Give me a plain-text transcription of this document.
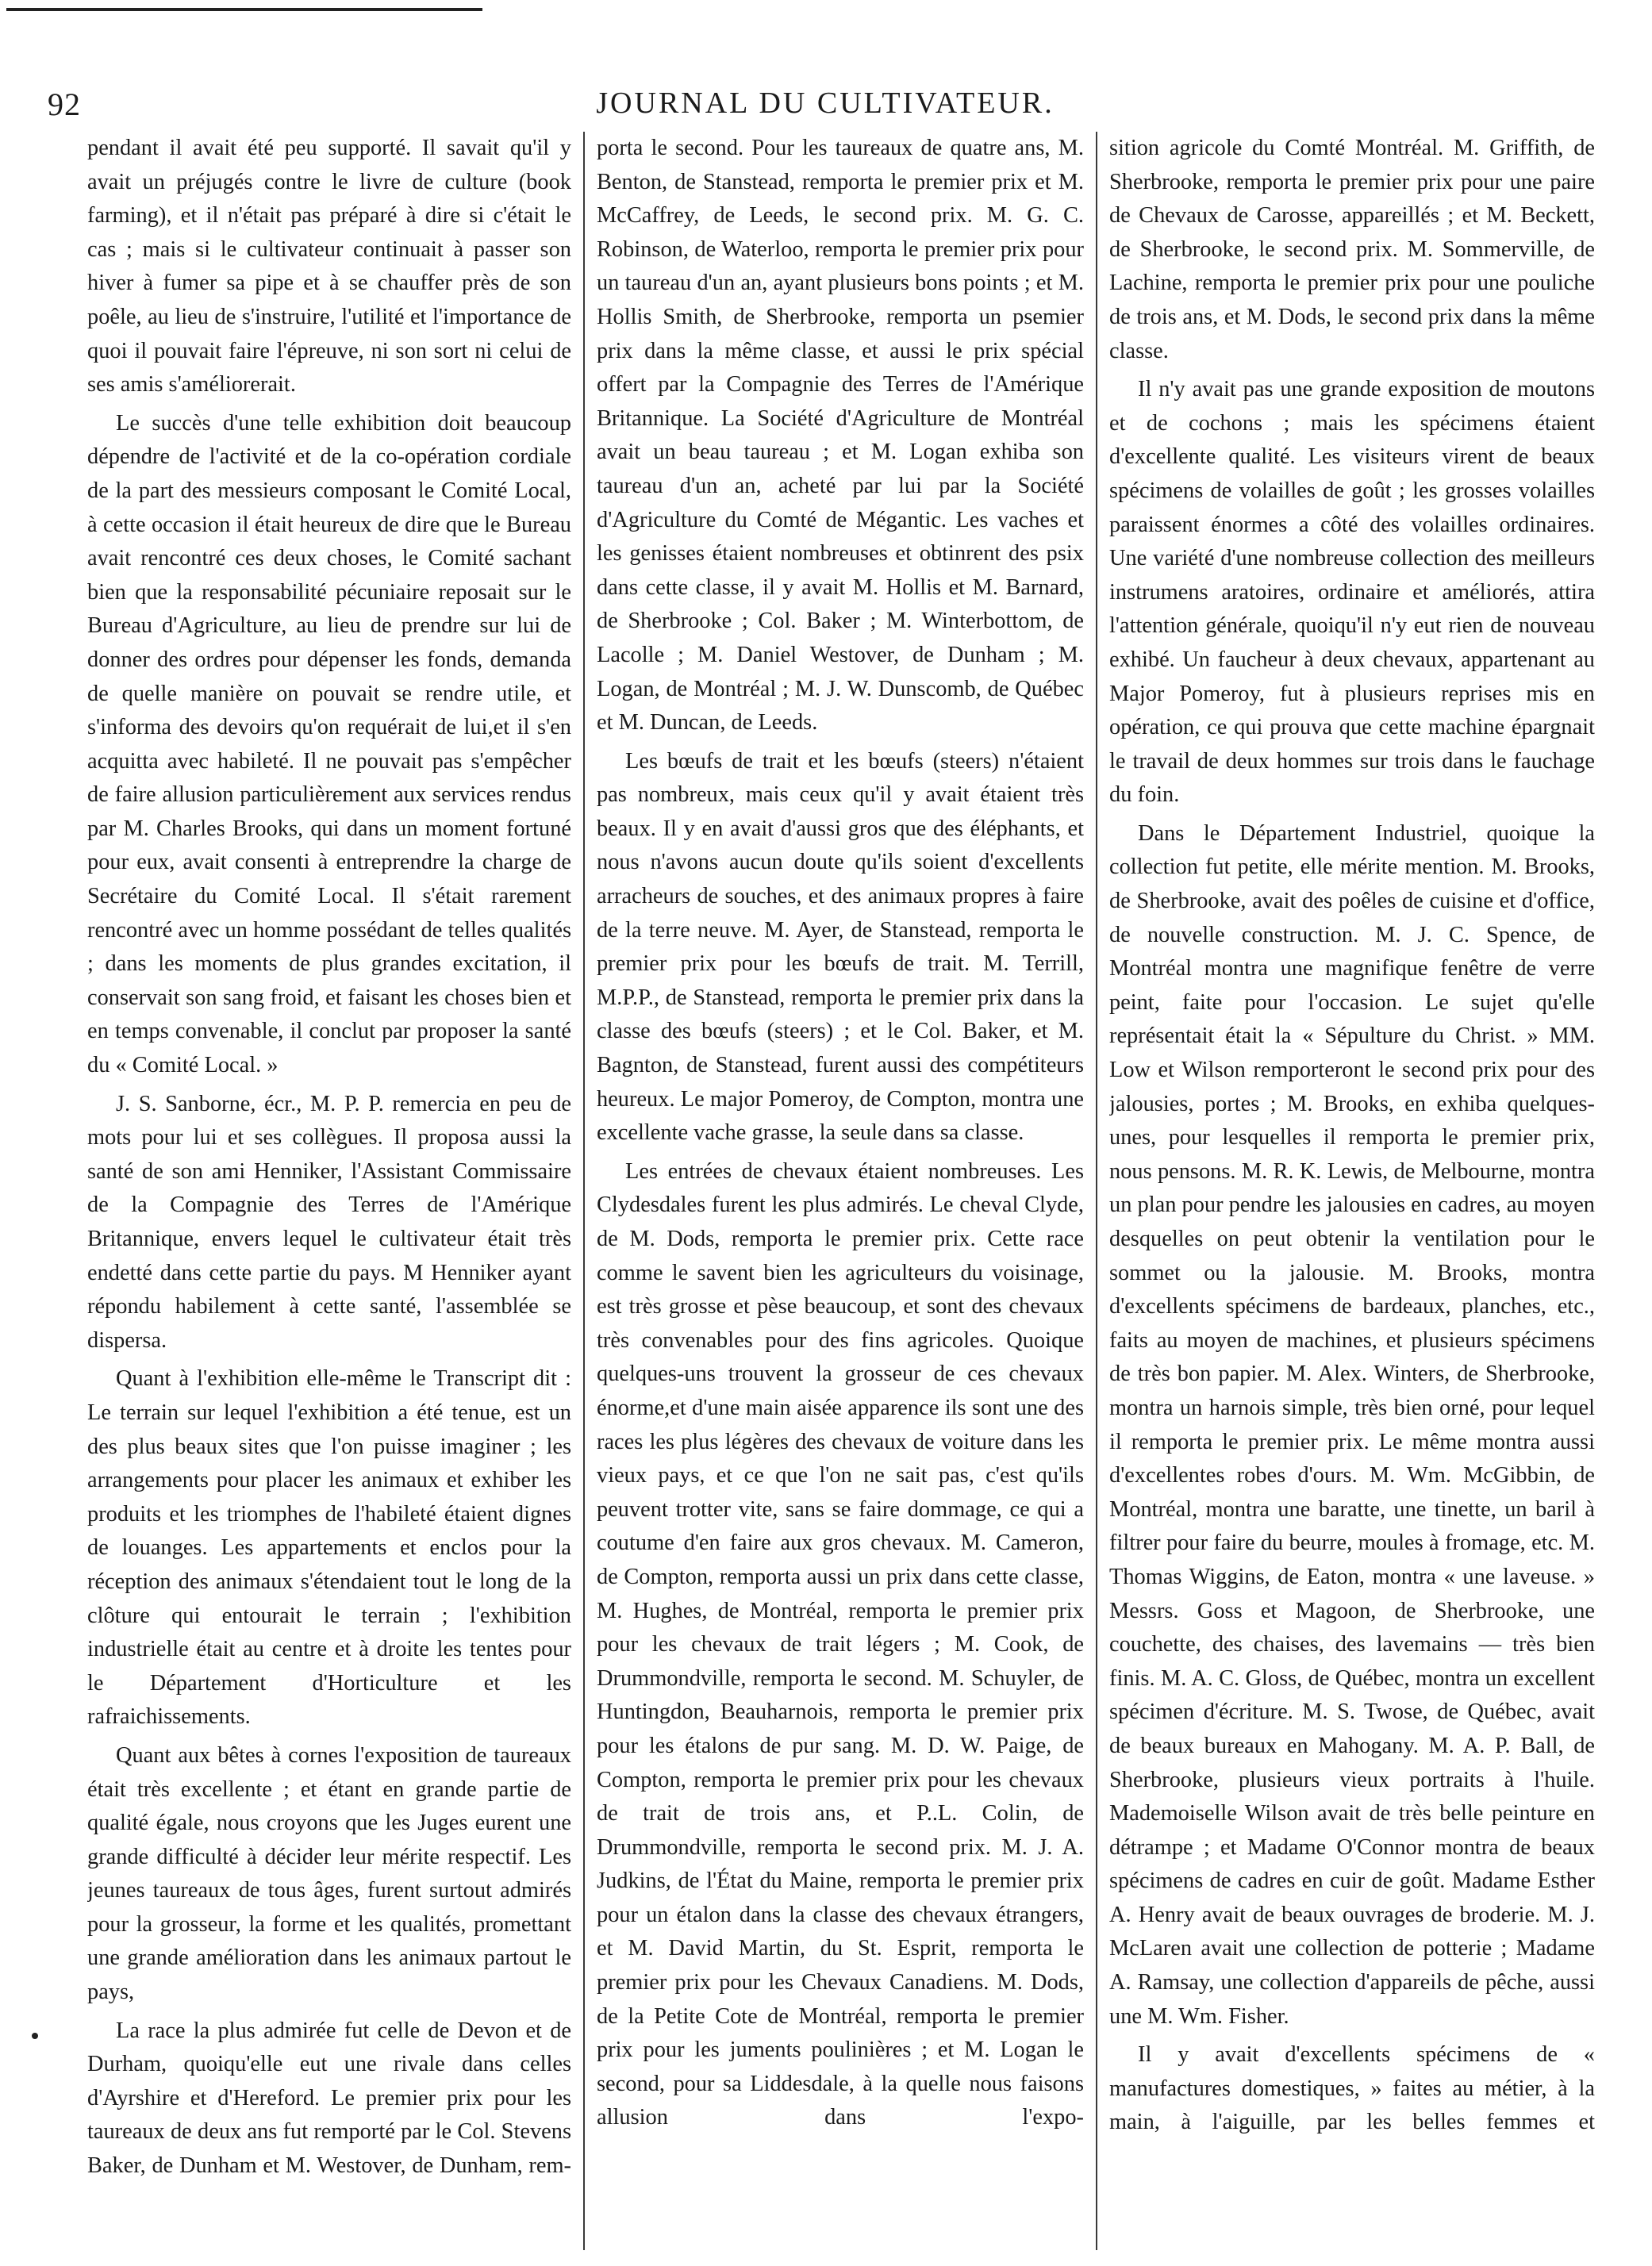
92	JOURNAL DU CULTIVATEUR.

pendant il avait été peu supporté. Il savait qu'il y avait un préjugés contre le livre de culture (book farming), et il n'était pas préparé à dire si c'était le cas ; mais si le cultivateur continuait à passer son hiver à fumer sa pipe et à se chauffer près de son poêle, au lieu de s'instruire, l'utilité et l'importance de quoi il pouvait faire l'épreuve, ni son sort ni celui de ses amis s'améliorerait.

Le succès d'une telle exhibition doit beaucoup dépendre de l'activité et de la co-opération cordiale de la part des messieurs composant le Comité Local, à cette occasion il était heureux de dire que le Bureau avait rencontré ces deux choses, le Comité sachant bien que la responsabilité pécuniaire reposait sur le Bureau d'Agriculture, au lieu de prendre sur lui de donner des ordres pour dépenser les fonds, demanda de quelle manière on pouvait se rendre utile, et s'informa des devoirs qu'on requérait de lui,et il s'en acquitta avec habileté. Il ne pouvait pas s'empêcher de faire allusion particulièrement aux services rendus par M. Charles Brooks, qui dans un moment fortuné pour eux, avait consenti à entreprendre la charge de Secrétaire du Comité Local. Il s'était rarement rencontré avec un homme possédant de telles qualités ; dans les moments de plus grandes excitation, il conservait son sang froid, et faisant les choses bien et en temps convenable, il conclut par proposer la santé du « Comité Local. »

J. S. Sanborne, écr., M. P. P. remercia en peu de mots pour lui et ses collègues. Il proposa aussi la santé de son ami Henniker, l'Assistant Commissaire de la Compagnie des Terres de l'Amérique Britannique, envers lequel le cultivateur était très endetté dans cette partie du pays. M Henniker ayant répondu habilement à cette santé, l'assemblée se dispersa.

Quant à l'exhibition elle-même le Transcript dit : Le terrain sur lequel l'exhibition a été tenue, est un des plus beaux sites que l'on puisse imaginer ; les arrangements pour placer les animaux et exhiber les produits et les triomphes de l'habileté étaient dignes de louanges. Les appartements et enclos pour la réception des animaux s'étendaient tout le long de la clôture qui entourait le terrain ; l'exhibition industrielle était au centre et à droite les tentes pour le Département d'Horticulture et les rafraichissements.

Quant aux bêtes à cornes l'exposition de taureaux était très excellente ; et étant en grande partie de qualité égale, nous croyons que les Juges eurent une grande difficulté à décider leur mérite respectif. Les jeunes taureaux de tous âges, furent surtout admirés pour la grosseur, la forme et les qualités, promettant une grande amélioration dans les animaux partout le pays,

La race la plus admirée fut celle de Devon et de Durham, quoiqu'elle eut une rivale dans celles d'Ayrshire et d'Hereford. Le premier prix pour les taureaux de deux ans fut remporté par le Col. Stevens Baker, de Dunham et M. Westover, de Dunham, rem-

porta le second. Pour les taureaux de quatre ans, M. Benton, de Stanstead, remporta le premier prix et M. McCaffrey, de Leeds, le second prix. M. G. C. Robinson, de Waterloo, remporta le premier prix pour un taureau d'un an, ayant plusieurs bons points ; et M. Hollis Smith, de Sherbrooke, remporta un psemier prix dans la même classe, et aussi le prix spécial offert par la Compagnie des Terres de l'Amérique Britannique. La Société d'Agriculture de Montréal avait un beau taureau ; et M. Logan exhiba son taureau d'un an, acheté par lui par la Société d'Agriculture du Comté de Mégantic. Les vaches et les genisses étaient nombreuses et obtinrent des psix dans cette classe, il y avait M. Hollis et M. Barnard, de Sherbrooke ; Col. Baker ; M. Winterbottom, de Lacolle ; M. Daniel Westover, de Dunham ; M. Logan, de Montréal ; M. J. W. Dunscomb, de Québec et M. Duncan, de Leeds.

Les bœufs de trait et les bœufs (steers) n'étaient pas nombreux, mais ceux qu'il y avait étaient très beaux. Il y en avait d'aussi gros que des éléphants, et nous n'avons aucun doute qu'ils soient d'excellents arracheurs de souches, et des animaux propres à faire de la terre neuve. M. Ayer, de Stanstead, remporta le premier prix pour les bœufs de trait. M. Terrill, M.P.P., de Stanstead, remporta le premier prix dans la classe des bœufs (steers) ; et le Col. Baker, et M. Bagnton, de Stanstead, furent aussi des compétiteurs heureux. Le major Pomeroy, de Compton, montra une excellente vache grasse, la seule dans sa classe.

Les entrées de chevaux étaient nombreuses. Les Clydesdales furent les plus admirés. Le cheval Clyde, de M. Dods, remporta le premier prix. Cette race comme le savent bien les agriculteurs du voisinage, est très grosse et pèse beaucoup, et sont des chevaux très convenables pour des fins agricoles. Quoique quelques-uns trouvent la grosseur de ces chevaux énorme,et d'une main aisée apparence ils sont une des races les plus légères des chevaux de voiture dans les vieux pays, et ce que l'on ne sait pas, c'est qu'ils peuvent trotter vite, sans se faire dommage, ce qui a coutume d'en faire aux gros chevaux. M. Cameron, de Compton, remporta aussi un prix dans cette classe, M. Hughes, de Montréal, remporta le premier prix pour les chevaux de trait légers ; M. Cook, de Drummondville, remporta le second. M. Schuyler, de Huntingdon, Beauharnois, remporta le premier prix pour les étalons de pur sang. M. D. W. Paige, de Compton, remporta le premier prix pour les chevaux de trait de trois ans, et P..L. Colin, de Drummondville, remporta le second prix. M. J. A. Judkins, de l'État du Maine, remporta le premier prix pour un étalon dans la classe des chevaux étrangers, et M. David Martin, du St. Esprit, remporta le premier prix pour les Chevaux Canadiens. M. Dods, de la Petite Cote de Montréal, remporta le premier prix pour les juments poulinières ; et M. Logan le second, pour sa Liddesdale, à la quelle nous faisons allusion dans l'expo-

sition agricole du Comté Montréal. M. Griffith, de Sherbrooke, remporta le premier prix pour une paire de Chevaux de Carosse, appareillés ; et M. Beckett, de Sherbrooke, le second prix. M. Sommerville, de Lachine, remporta le premier prix pour une pouliche de trois ans, et M. Dods, le second prix dans la même classe.

Il n'y avait pas une grande exposition de moutons et de cochons ; mais les spécimens étaient d'excellente qualité. Les visiteurs virent de beaux spécimens de volailles de goût ; les grosses volailles paraissent énormes a côté des volailles ordinaires. Une variété d'une nombreuse collection des meilleurs instrumens aratoires, ordinaire et améliorés, attira l'attention générale, quoiqu'il n'y eut rien de nouveau exhibé. Un faucheur à deux chevaux, appartenant au Major Pomeroy, fut à plusieurs reprises mis en opération, ce qui prouva que cette machine épargnait le travail de deux hommes sur trois dans le fauchage du foin.

Dans le Département Industriel, quoique la collection fut petite, elle mérite mention. M. Brooks, de Sherbrooke, avait des poêles de cuisine et d'office, de nouvelle construction. M. J. C. Spence, de Montréal montra une magnifique fenêtre de verre peint, faite pour l'occasion. Le sujet qu'elle représentait était la « Sépulture du Christ. » MM. Low et Wilson remporteront le second prix pour des jalousies, portes ; M. Brooks, en exhiba quelques-unes, pour lesquelles il remporta le premier prix, nous pensons. M. R. K. Lewis, de Melbourne, montra un plan pour pendre les jalousies en cadres, au moyen desquelles on peut obtenir la ventilation pour le sommet ou la jalousie. M. Brooks, montra d'excellents spécimens de bardeaux, planches, etc., faits au moyen de machines, et plusieurs spécimens de très bon papier. M. Alex. Winters, de Sherbrooke, montra un harnois simple, très bien orné, pour lequel il remporta le premier prix. Le même montra aussi d'excellentes robes d'ours. M. Wm. McGibbin, de Montréal, montra une baratte, une tinette, un baril à filtrer pour faire du beurre, moules à fromage, etc. M. Thomas Wiggins, de Eaton, montra « une laveuse. » Messrs. Goss et Magoon, de Sherbrooke, une couchette, des chaises, des lavemains — très bien finis. M. A. C. Gloss, de Québec, montra un excellent spécimen d'écriture. M. S. Twose, de Québec, avait de beaux bureaux en Mahogany. M. A. P. Ball, de Sherbrooke, plusieurs vieux portraits à l'huile. Mademoiselle Wilson avait de très belle peinture en détrampe ; et Madame O'Connor montra de beaux spécimens de cadres en cuir de goût. Madame Esther A. Henry avait de beaux ouvrages de broderie. M. J. McLaren avait une collection de potterie ; Madame A. Ramsay, une collection d'appareils de pêche, aussi une M. Wm. Fisher.

Il y avait d'excellents spécimens de « manufactures domestiques, » faites au métier, à la main, à l'aiguille, par les belles femmes et
